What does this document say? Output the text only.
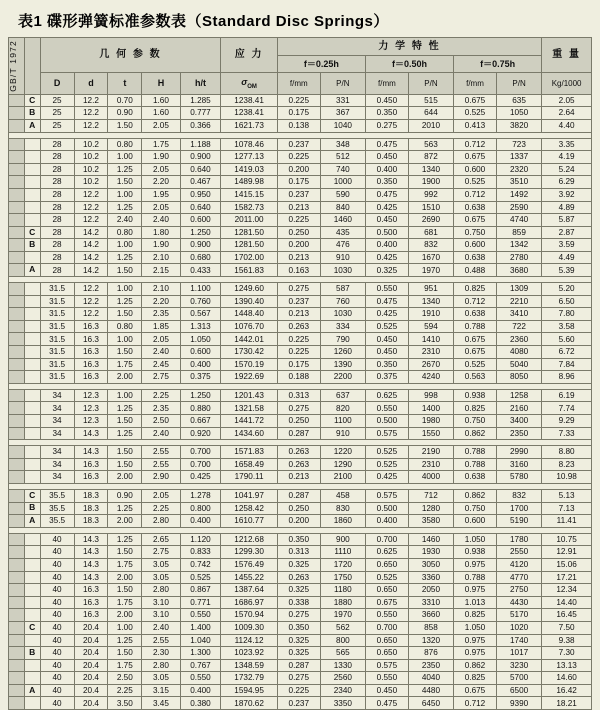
表1 碟形弹簧标准参数表（Standard Disc Springs）
GB/T 1972		几 何 参 数					应 力	力 学 特 性						重 量
								f＝0.25h		f＝0.50h		f＝0.75h		
		D	d	t	H	h/t	$\sigma_{OM}$	f/mm	P/N	f/mm	P/N	f/mm	P/N	Kg/1000
	C	25	12.2	0.70	1.60	1.285	1238.41	0.225	331	0.450	515	0.675	635	2.05
	B	25	12.2	0.90	1.60	0.777	1238.41	0.175	367	0.350	644	0.525	1050	2.64
	A	25	12.2	1.50	2.05	0.366	1621.73	0.138	1040	0.275	2010	0.413	3820	4.40

		28	10.2	0.80	1.75	1.188	1078.46	0.237	348	0.475	563	0.712	723	3.35
		28	10.2	1.00	1.90	0.900	1277.13	0.225	512	0.450	872	0.675	1337	4.19
		28	10.2	1.25	2.05	0.640	1419.03	0.200	740	0.400	1340	0.600	2320	5.24
		28	10.2	1.50	2.20	0.467	1489.98	0.175	1000	0.350	1900	0.525	3510	6.29
		28	12.2	1.00	1.95	0.950	1415.15	0.237	590	0.475	992	0.712	1492	3.92
		28	12.2	1.25	2.05	0.640	1582.73	0.213	840	0.425	1510	0.638	2590	4.89
		28	12.2	2.40	2.40	0.600	2011.00	0.225	1460	0.450	2690	0.675	4740	5.87
	C	28	14.2	0.80	1.80	1.250	1281.50	0.250	435	0.500	681	0.750	859	2.87
	B	28	14.2	1.00	1.90	0.900	1281.50	0.200	476	0.400	832	0.600	1342	3.59
		28	14.2	1.25	2.10	0.680	1702.00	0.213	910	0.425	1670	0.638	2780	4.49
	A	28	14.2	1.50	2.15	0.433	1561.83	0.163	1030	0.325	1970	0.488	3680	5.39

		31.5	12.2	1.00	2.10	1.100	1249.60	0.275	587	0.550	951	0.825	1309	5.20
		31.5	12.2	1.25	2.20	0.760	1390.40	0.237	760	0.475	1340	0.712	2210	6.50
		31.5	12.2	1.50	2.35	0.567	1448.40	0.213	1030	0.425	1910	0.638	3410	7.80
		31.5	16.3	0.80	1.85	1.313	1076.70	0.263	334	0.525	594	0.788	722	3.58
		31.5	16.3	1.00	2.05	1.050	1442.01	0.225	790	0.450	1410	0.675	2360	5.60
		31.5	16.3	1.50	2.40	0.600	1730.42	0.225	1260	0.450	2310	0.675	4080	6.72
		31.5	16.3	1.75	2.45	0.400	1570.19	0.175	1390	0.350	2670	0.525	5040	7.84
		31.5	16.3	2.00	2.75	0.375	1922.69	0.188	2200	0.375	4240	0.563	8050	8.96

		34	12.3	1.00	2.25	1.250	1201.43	0.313	637	0.625	998	0.938	1258	6.19
		34	12.3	1.25	2.35	0.880	1321.58	0.275	820	0.550	1400	0.825	2160	7.74
		34	12.3	1.50	2.50	0.667	1441.72	0.250	1100	0.500	1980	0.750	3400	9.29
		34	14.3	1.25	2.40	0.920	1434.60	0.287	910	0.575	1550	0.862	2350	7.33

		34	14.3	1.50	2.55	0.700	1571.83	0.263	1220	0.525	2190	0.788	2990	8.80
		34	16.3	1.50	2.55	0.700	1658.49	0.263	1290	0.525	2310	0.788	3160	8.23
		34	16.3	2.00	2.90	0.425	1790.11	0.213	2100	0.425	4000	0.638	5780	10.98

	C	35.5	18.3	0.90	2.05	1.278	1041.97	0.287	458	0.575	712	0.862	832	5.13
	B	35.5	18.3	1.25	2.25	0.800	1258.42	0.250	830	0.500	1280	0.750	1700	7.13
	A	35.5	18.3	2.00	2.80	0.400	1610.77	0.200	1860	0.400	3580	0.600	5190	11.41

		40	14.3	1.25	2.65	1.120	1212.68	0.350	900	0.700	1460	1.050	1780	10.75
		40	14.3	1.50	2.75	0.833	1299.30	0.313	1110	0.625	1930	0.938	2550	12.91
		40	14.3	1.75	3.05	0.742	1576.49	0.325	1720	0.650	3050	0.975	4120	15.06
		40	14.3	2.00	3.05	0.525	1455.22	0.263	1750	0.525	3360	0.788	4770	17.21
		40	16.3	1.50	2.80	0.867	1387.64	0.325	1180	0.650	2050	0.975	2750	12.34
		40	16.3	1.75	3.10	0.771	1686.97	0.338	1880	0.675	3310	1.013	4430	14.40
		40	16.3	2.00	3.10	0.550	1570.94	0.275	1970	0.550	3660	0.825	5170	16.45
	C	40	20.4	1.00	2.40	1.400	1009.30	0.350	562	0.700	858	1.050	1020	7.50
		40	20.4	1.25	2.55	1.040	1124.12	0.325	800	0.650	1320	0.975	1740	9.38
	B	40	20.4	1.50	2.30	1.300	1023.92	0.325	565	0.650	876	0.975	1017	7.30
		40	20.4	1.75	2.80	0.767	1348.59	0.287	1330	0.575	2350	0.862	3230	13.13
		40	20.4	2.50	3.05	0.550	1732.79	0.275	2560	0.550	4040	0.825	5700	14.60
	A	40	20.4	2.25	3.15	0.400	1594.95	0.225	2340	0.450	4480	0.675	6500	16.42
		40	20.4	3.50	3.45	0.380	1870.62	0.237	3350	0.475	6450	0.712	9390	18.21
